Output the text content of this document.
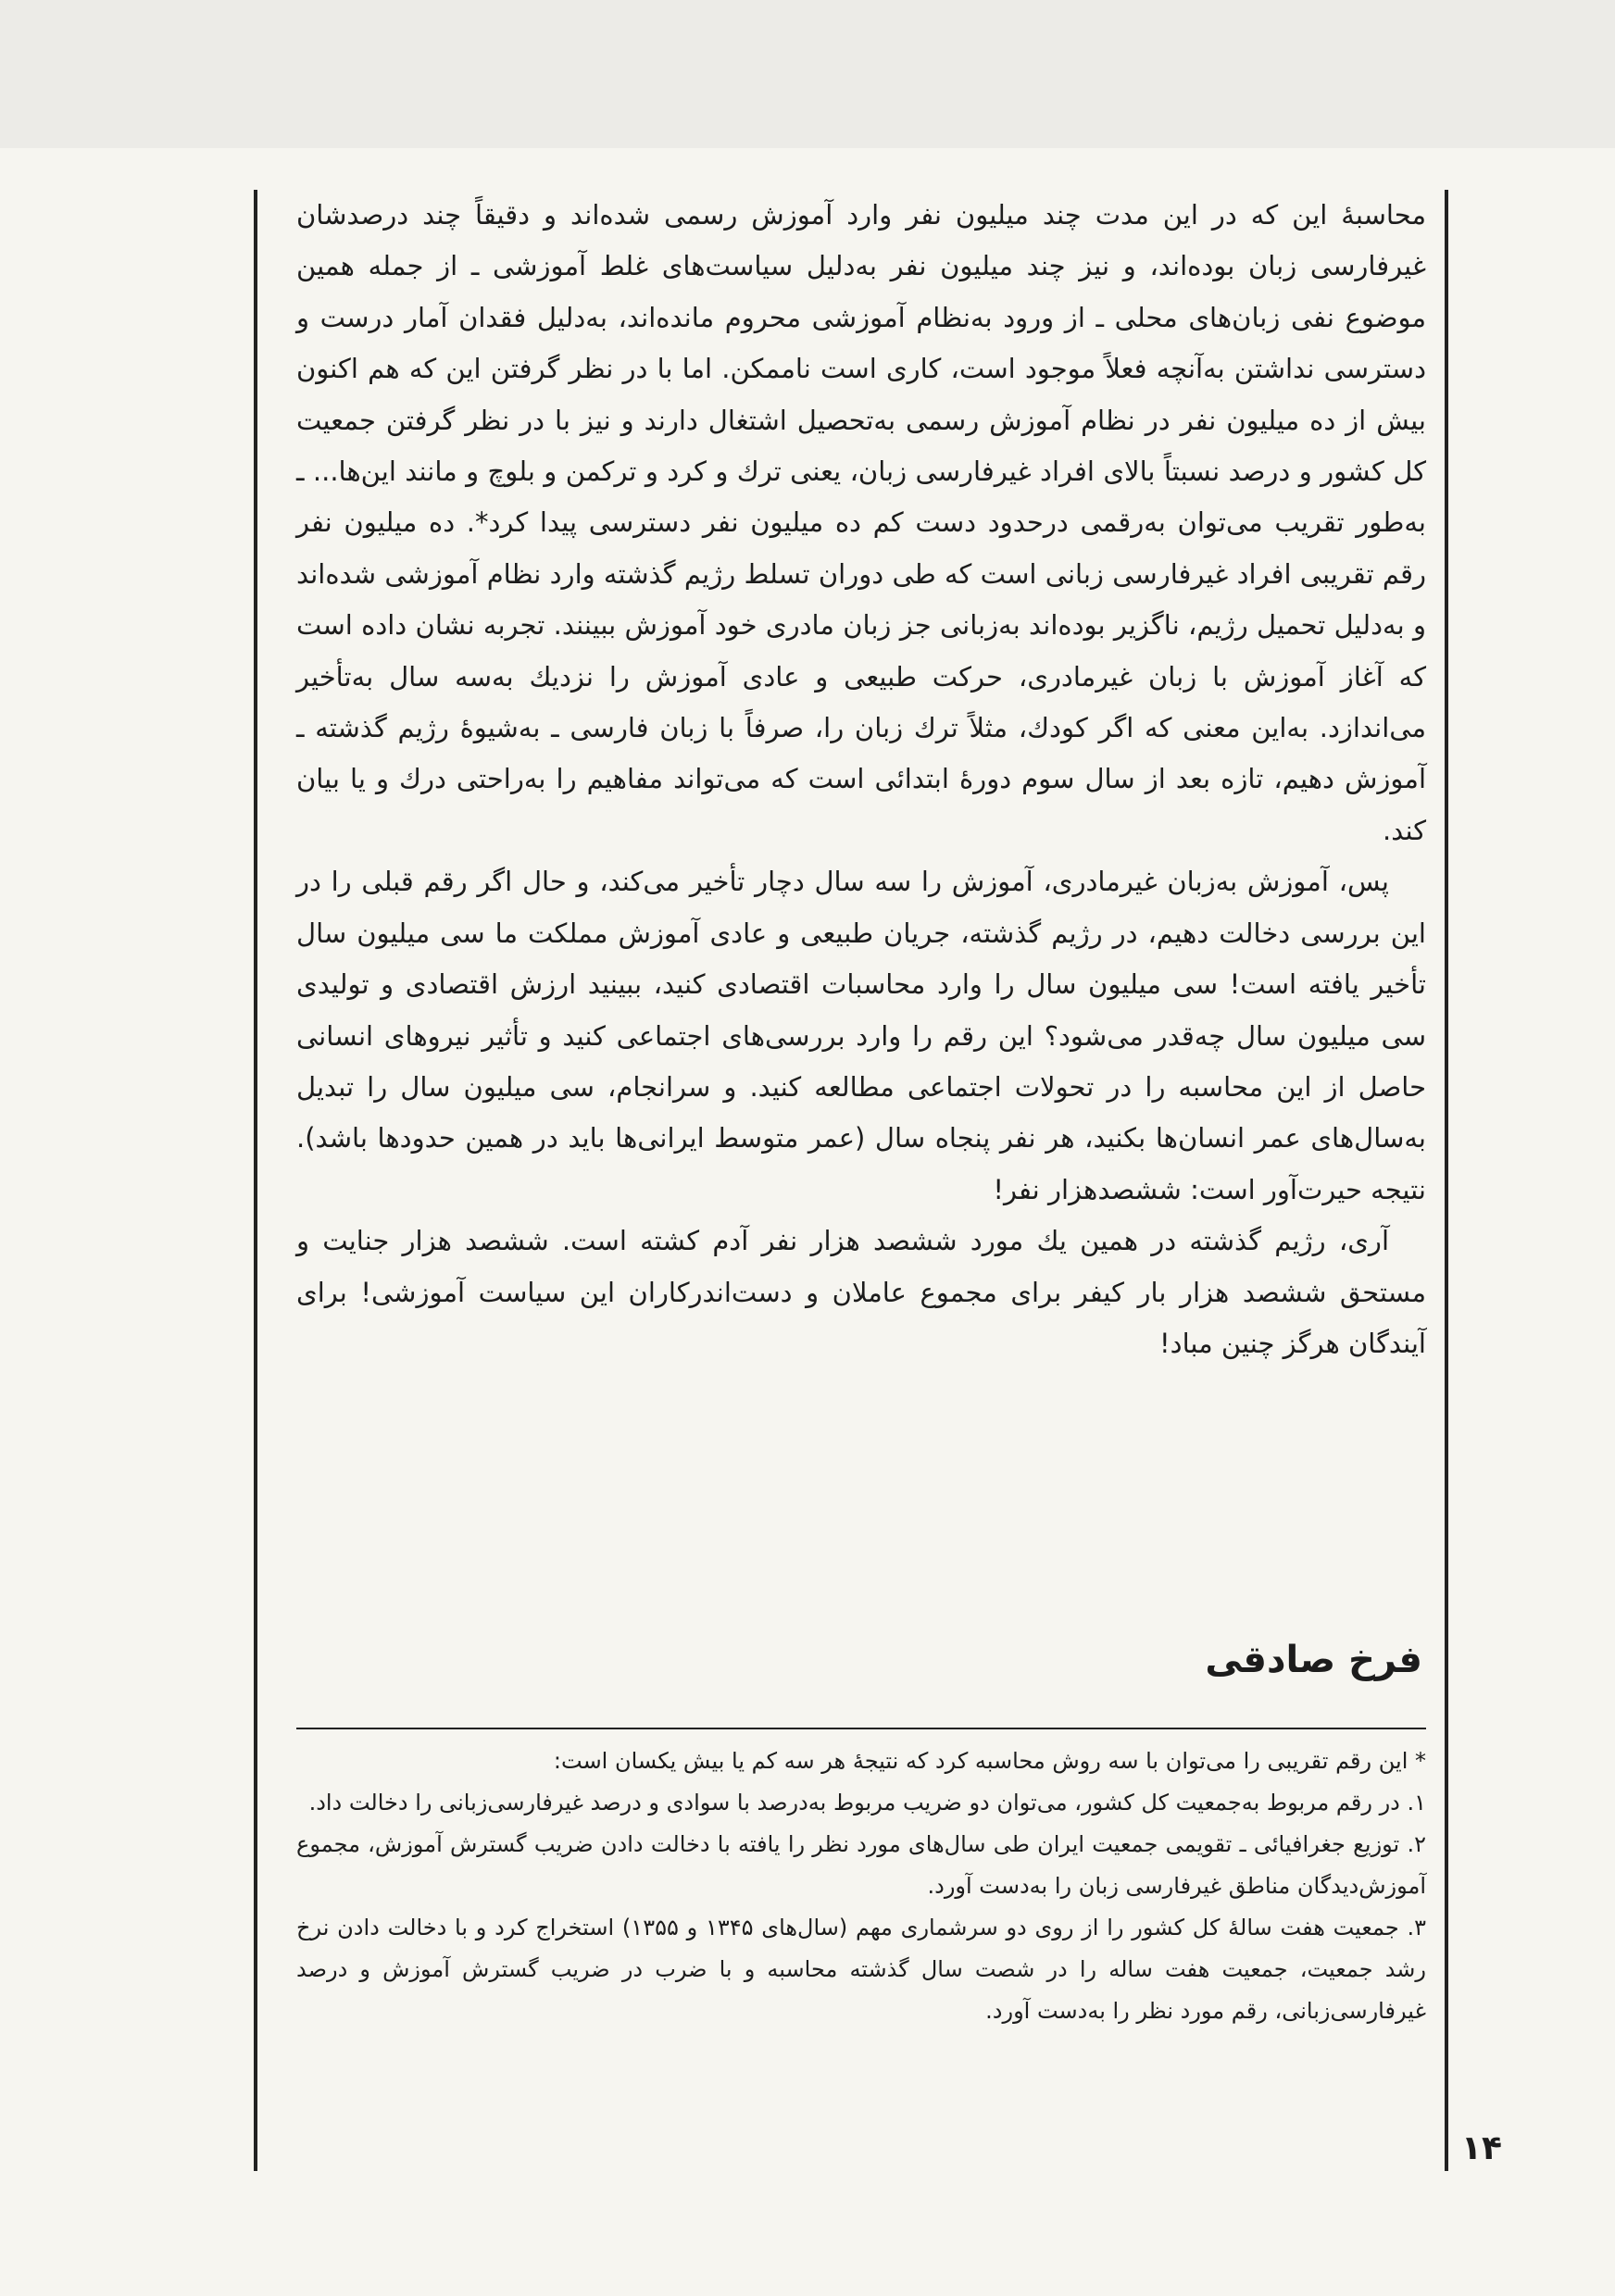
محاسبهٔ این که در این مدت چند میلیون نفر وارد آموزش رسمی شده‌اند و دقیقاً چند درصدشان غیرفارسی زبان بوده‌اند، و نیز چند میلیون نفر به‌دلیل سیاست‌های غلط آموزشی ـ از جمله همین موضوع نفی زبان‌های محلی ـ از ورود به‌نظام آموزشی محروم مانده‌اند، به‌دلیل فقدان آمار درست و دسترسی نداشتن به‌آنچه فعلاً موجود است، کاری است ناممکن. اما با در نظر گرفتن این که هم اکنون بیش از ده میلیون نفر در نظام آموزش رسمی به‌تحصیل اشتغال دارند و نیز با در نظر گرفتن جمعیت کل کشور و درصد نسبتاً بالای افراد غیرفارسی زبان، یعنی ترك و كرد و تركمن و بلوچ و مانند این‌ها... ـ به‌طور تقریب می‌توان به‌رقمی درحدود دست کم ده میلیون نفر دسترسی پیدا کرد*. ده میلیون نفر رقم تقریبی افراد غیرفارسی زبانی است که طی دوران تسلط رژیم گذشته وارد نظام آموزشی شده‌اند و به‌دلیل تحمیل رژیم، ناگزیر بوده‌اند به‌زبانی جز زبان مادری خود آموزش ببینند. تجربه نشان داده است که آغاز آموزش با زبان غیرمادری، حرکت طبیعی و عادی آموزش را نزدیك به‌سه سال به‌تأخیر می‌اندازد. به‌این معنی که اگر كودك، مثلاً ترك زبان را، صرفاً با زبان فارسی ـ به‌شیوهٔ رژیم گذشته ـ آموزش دهیم، تازه بعد از سال سوم دورهٔ ابتدائی است که می‌تواند مفاهیم را به‌راحتی درك و یا بیان كند.

پس، آموزش به‌زبان غیرمادری، آموزش را سه سال دچار تأخیر می‌کند، و حال اگر رقم قبلی را در این بررسی دخالت دهیم، در رژیم گذشته، جریان طبیعی و عادی آموزش مملکت ما سی میلیون سال تأخیر یافته است! سی میلیون سال را وارد محاسبات اقتصادی کنید، ببینید ارزش اقتصادی و تولیدی سی میلیون سال چه‌قدر می‌شود؟ این رقم را وارد بررسی‌های اجتماعی کنید و تأثیر نیروهای انسانی حاصل از این محاسبه را در تحولات اجتماعی مطالعه کنید. و سرانجام، سی میلیون سال را تبدیل به‌سال‌های عمر انسان‌ها بکنید، هر نفر پنجاه سال (عمر متوسط ایرانی‌ها باید در همین حدودها باشد). نتیجه حیرت‌آور است: ششصدهزار نفر!

آری، رژیم گذشته در همین یك مورد ششصد هزار نفر آدم کشته است. ششصد هزار جنایت و مستحق ششصد هزار بار کیفر برای مجموع عاملان و دست‌اندرکاران این سیاست آموزشی! برای آیندگان هرگز چنین مباد!

فرخ صادقی

* این رقم تقریبی را می‌توان با سه روش محاسبه کرد که نتیجهٔ هر سه کم یا بیش یکسان است:

۱. در رقم مربوط به‌جمعیت کل کشور، می‌توان دو ضریب مربوط به‌درصد با سوادی و درصد غیرفارسی‌زبانی را دخالت داد.

۲. توزیع جغرافیائی ـ تقویمی جمعیت ایران طی سال‌های مورد نظر را یافته با دخالت دادن ضریب گسترش آموزش، مجموع آموزش‌دیدگان مناطق غیرفارسی زبان را به‌دست آورد.

۳. جمعیت هفت سالهٔ کل کشور را از روی دو سرشماری مهم (سال‌های ۱۳۴۵ و ۱۳۵۵) استخراج کرد و با دخالت دادن نرخ رشد جمعیت، جمعیت هفت ساله را در شصت سال گذشته محاسبه و با ضرب در ضریب گسترش آموزش و درصد غیرفارسی‌زبانی، رقم مورد نظر را به‌دست آورد.

۱۴
